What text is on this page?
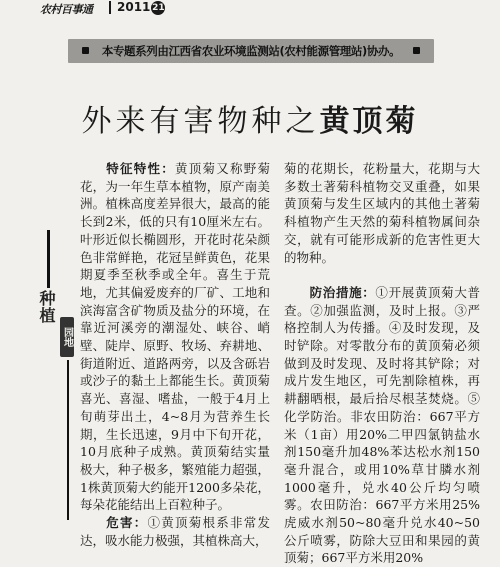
农村百事通 2011 21
本专题系列由江西省农业环境监测站(农村能源管理站)协办。
外来有害物种之黄顶菊
种植
园地

特征特性：黄顶菊又称野菊花，为一年生草本植物，原产南美洲。植株高度差异很大，最高的能长到2米，低的只有10厘米左右。叶形近似长椭圆形，开花时花朵颜色非常鲜艳，花冠呈鲜黄色，花果期夏季至秋季或全年。喜生于荒地，尤其偏爱废弃的厂矿、工地和滨海富含矿物质及盐分的环境，在靠近河溪旁的潮湿处、峡谷、峭壁、陡岸、原野、牧场、弃耕地、街道附近、道路两旁，以及含砾岩或沙子的黏土上都能生长。黄顶菊喜光、喜湿、嗜盐，一般于4月上旬萌芽出土，4~8月为营养生长期，生长迅速，9月中下旬开花，10月底种子成熟。黄顶菊结实量极大，种子极多，繁殖能力超强，1株黄顶菊大约能开1200多朵花，每朵花能结出上百粒种子。

危害：①黄顶菊根系非常发达，吸水能力极强，其植株高大，

菊的花期长，花粉量大，花期与大多数土著菊科植物交叉重叠，如果黄顶菊与发生区域内的其他土著菊科植物产生天然的菊科植物属间杂交，就有可能形成新的危害性更大的物种。

防治措施：①开展黄顶菊大普查。②加强监测，及时上报。③严格控制人为传播。④及时发现，及时铲除。对零散分布的黄顶菊必须做到及时发现、及时将其铲除；对成片发生地区，可先割除植株，再耕翻晒根，最后拾尽根茎焚烧。⑤化学防治。非农田防治：667平方米（1亩）用20%二甲四氯钠盐水剂150毫升加48%苯达松水剂150毫升混合，或用10%草甘膦水剂1000毫升，兑水40公斤均匀喷雾。农田防治：667平方米用25%虎威水剂50~80毫升兑水40~50公斤喷雾，防除大豆田和果园的黄顶菊；667平方米用20%
